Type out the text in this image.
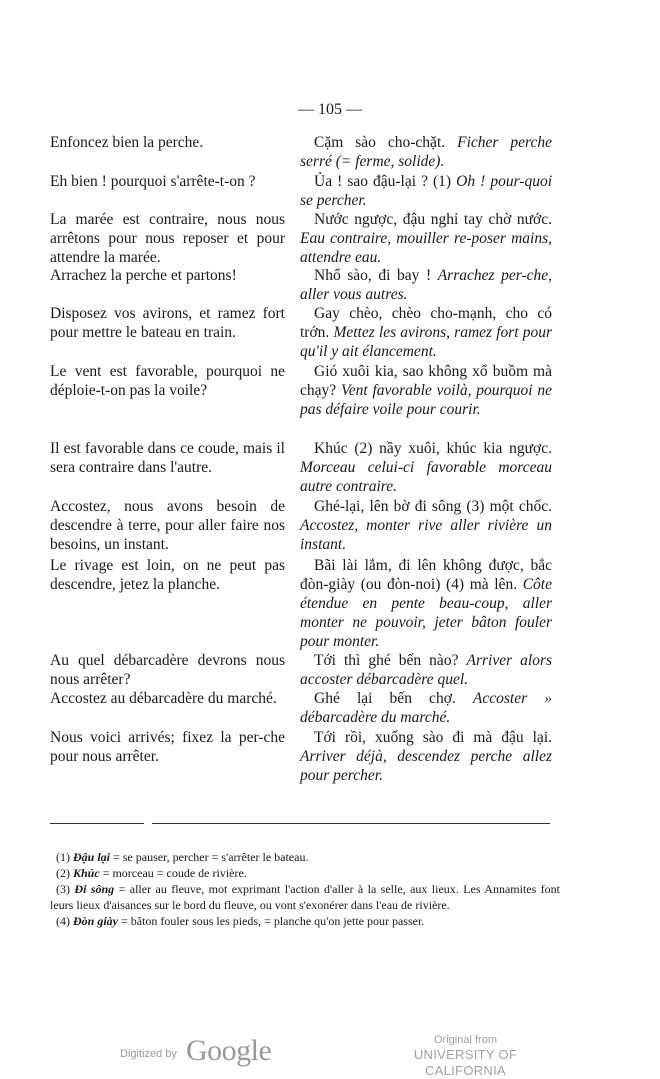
— 105 —
Enfoncez bien la perche.
Eh bien ! pourquoi s'arrête-t-on ?
La marée est contraire, nous nous arrêtons pour nous reposer et pour attendre la marée.
Arrachez la perche et partons!
Disposez vos avirons, et ramez fort pour mettre le bateau en train.
Le vent est favorable, pourquoi ne déploie-t-on pas la voile?
Il est favorable dans ce coude, mais il sera contraire dans l'autre.
Accostez, nous avons besoin de descendre à terre, pour aller faire nos besoins, un instant.
Le rivage est loin, on ne peut pas descendre, jetez la planche.
Au quel débarcadère devrons nous nous arrêter?
Accostez au débarcadère du marché.
Nous voici arrivés; fixez la per-che pour nous arrêter.
Cặm sào cho-chặt. Ficher perche serré (= ferme, solide).
Ủa ! sao đậu-lại ? (1) Oh ! pour-quoi se percher.
Nước ngược, đậu nghỉ tay chờ nước. Eau contraire, mouiller re-poser mains, attendre eau.
Nhổ sào, đi bay ! Arrachez per-che, aller vous autres.
Gay chèo, chèo cho-mạnh, cho có trớn. Mettez les avirons, ramez fort pour qu'il y ait élancement.
Gió xuôi kia, sao không xổ buồm mà chạy? Vent favorable voilà, pourquoi ne pas défaire voile pour courir.
Khúc (2) nầy xuôi, khúc kia ngược. Morceau celui-ci favorable morceau autre contraire.
Ghé-lại, lên bờ đi sông (3) một chốc. Accostez, monter rive aller rivière un instant.
Bãi lài lắm, đi lên không được, bắc đòn-giày (ou đòn-noi) (4) mà lên. Côte étendue en pente beau-coup, aller monter ne pouvoir, jeter bâton fouler pour monter.
Tới thì ghé bến nào? Arriver alors accoster débarcadère quel.
Ghé lại bến chợ. Accoster » débarcadère du marché.
Tới rồi, xuống sào đi mà đậu lại. Arriver déjà, descendez perche allez pour percher.

(1) Đậu lại = se pauser, percher = s'arrêter le bateau.

(2) Khúc = morceau = coude de rivière.

(3) Đi sông = aller au fleuve, mot exprimant l'action d'aller à la selle, aux lieux. Les Annamites font leurs lieux d'aisances sur le bord du fleuve, ou vont s'exonérer dans l'eau de rivière.

(4) Đòn giày = bâton fouler sous les pieds, = planche qu'on jette pour passer.

Digitized by Google	Original from
UNIVERSITY OF CALIFORNIA
